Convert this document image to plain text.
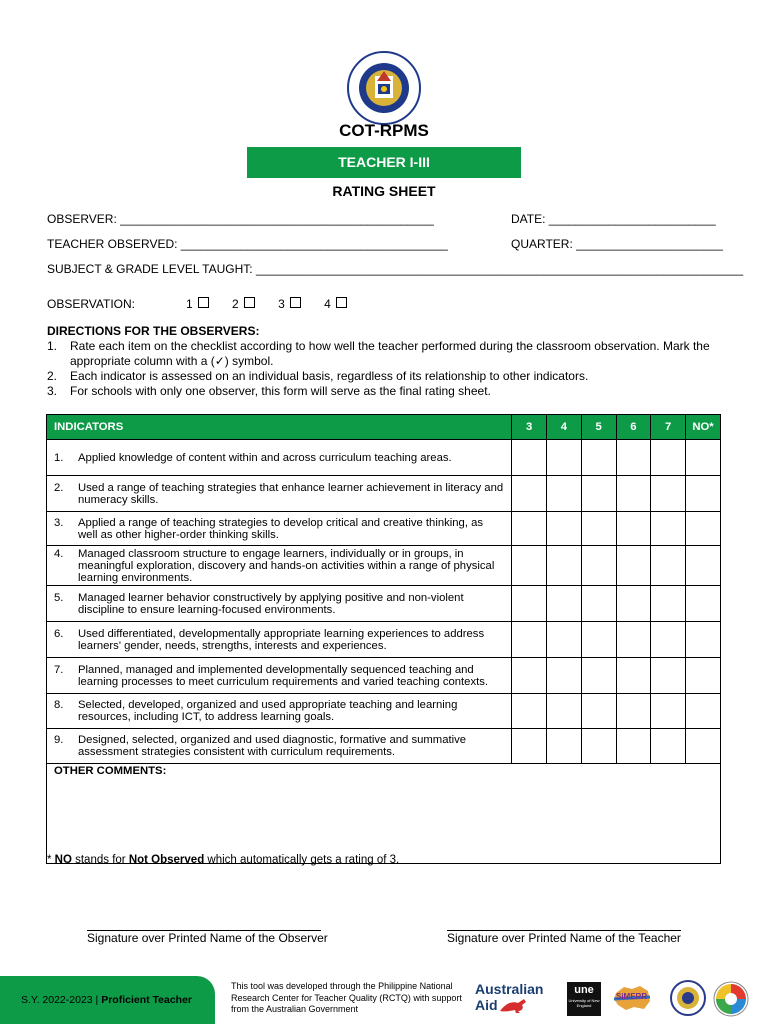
COT-RPMS
TEACHER I-III
RATING SHEET
OBSERVER: _______________________________________________	DATE: _________________________
TEACHER OBSERVED: ________________________________________	QUARTER: ______________________
SUBJECT & GRADE LEVEL TAUGHT: _________________________________________________________________________
OBSERVATION:	1	2	3	4
DIRECTIONS FOR THE OBSERVERS:
1.	Rate each item on the checklist according to how well the teacher performed during the classroom observation. Mark the appropriate column with a (✓) symbol.
2.	Each indicator is assessed on an individual basis, regardless of its relationship to other indicators.
3.	For schools with only one observer, this form will serve as the final rating sheet.
INDICATORS	3	4	5	6	7	NO*

1. Applied knowledge of content within and across curriculum teaching areas.						

2. Used a range of teaching strategies that enhance learner achievement in literacy and numeracy skills.						

3. Applied a range of teaching strategies to develop critical and creative thinking, as well as other higher-order thinking skills.						

4. Managed classroom structure to engage learners, individually or in groups, in meaningful exploration, discovery and hands-on activities within a range of physical learning environments.						

5. Managed learner behavior constructively by applying positive and non-violent discipline to ensure learning-focused environments.						

6. Used differentiated, developmentally appropriate learning experiences to address learners' gender, needs, strengths, interests and experiences.						

7. Planned, managed and implemented developmentally sequenced teaching and learning processes to meet curriculum requirements and varied teaching contexts.						

8. Selected, developed, organized and used appropriate teaching and learning resources, including ICT, to address learning goals.						

9. Designed, selected, organized and used diagnostic, formative and summative assessment strategies consistent with curriculum requirements.						

OTHER COMMENTS:						
* NO stands for Not Observed which automatically gets a rating of 3.
Signature over Printed Name of the Observer	Signature over Printed Name of the Teacher
S.Y. 2022-2023 | Proficient Teacher
This tool was developed through the Philippine National Research Center for Teacher Quality (RCTQ) with support from the Australian Government
Australian
Aid
une
University of New England
SiMERR
